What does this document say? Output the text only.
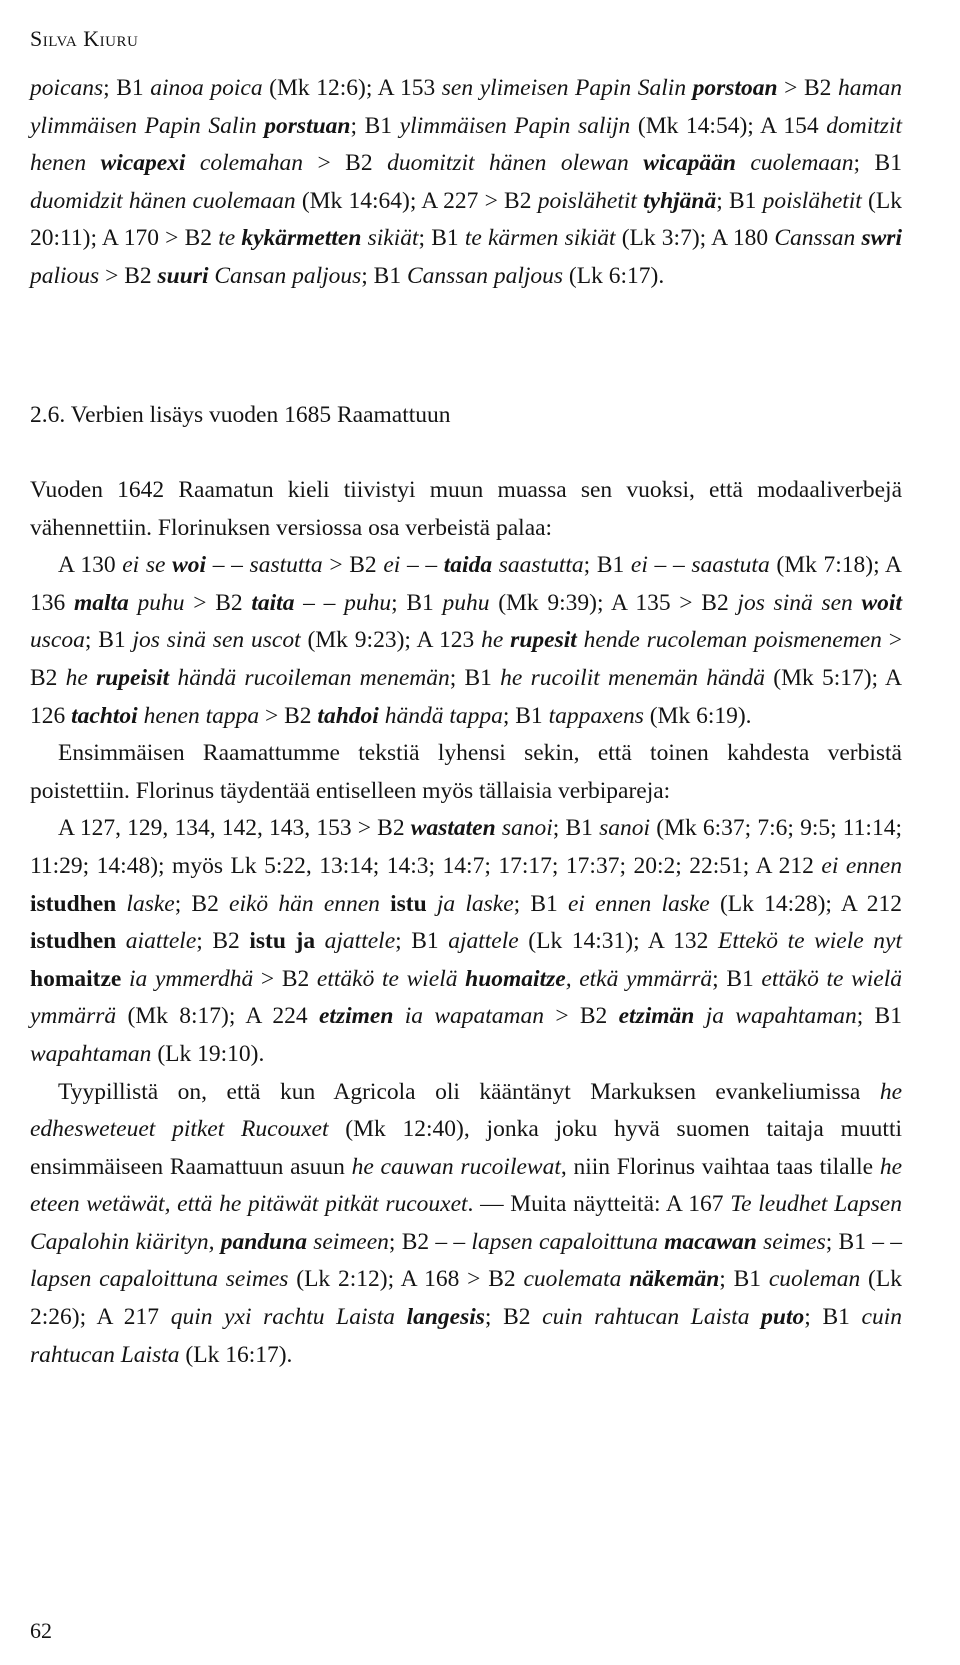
Silva Kiuru

poicans; B1 ainoa poica (Mk 12:6); A 153 sen ylimeisen Papin Salin porstoan > B2 haman ylimmäisen Papin Salin porstuan; B1 ylimmäisen Papin salijn (Mk 14:54); A 154 domitzit henen wicapexi colemahan > B2 duomitzit hänen olewan wicapään cuolemaan; B1 duomidzit hänen cuolemaan (Mk 14:64); A 227 > B2 poislähetit tyhjänä; B1 poislähetit (Lk 20:11); A 170 > B2 te kykärmetten sikiät; B1 te kärmen sikiät (Lk 3:7); A 180 Canssan swri palious > B2 suuri Cansan paljous; B1 Canssan paljous (Lk 6:17).

2.6. Verbien lisäys vuoden 1685 Raamattuun

Vuoden 1642 Raamatun kieli tiivistyi muun muassa sen vuoksi, että modaaliverbejä vähennettiin. Florinuksen versiossa osa verbeistä palaa:

A 130 ei se woi – – sastutta > B2 ei – – taida saastutta; B1 ei – – saastuta (Mk 7:18); A 136 malta puhu > B2 taita – – puhu; B1 puhu (Mk 9:39); A 135 > B2 jos sinä sen woit uscoa; B1 jos sinä sen uscot (Mk 9:23); A 123 he rupesit hende rucoleman poismenemen > B2 he rupeisit händä rucoileman menemän; B1 he rucoilit menemän händä (Mk 5:17); A 126 tachtoi henen tappa > B2 tahdoi händä tappa; B1 tappaxens (Mk 6:19).

Ensimmäisen Raamattumme tekstiä lyhensi sekin, että toinen kahdesta verbistä poistettiin. Florinus täydentää entiselleen myös tällaisia verbipareja:

A 127, 129, 134, 142, 143, 153 > B2 wastaten sanoi; B1 sanoi (Mk 6:37; 7:6; 9:5; 11:14; 11:29; 14:48); myös Lk 5:22, 13:14; 14:3; 14:7; 17:17; 17:37; 20:2; 22:51; A 212 ei ennen istudhen laske; B2 eikö hän ennen istu ja laske; B1 ei ennen laske (Lk 14:28); A 212 istudhen aiattele; B2 istu ja ajattele; B1 ajattele (Lk 14:31); A 132 Ettekö te wiele nyt homaitze ia ymmerdhä > B2 ettäkö te wielä huomaitze, etkä ymmärrä; B1 ettäkö te wielä ymmärrä (Mk 8:17); A 224 etzimen ia wapataman > B2 etzimän ja wapahtaman; B1 wapahtaman (Lk 19:10).

Tyypillistä on, että kun Agricola oli kääntänyt Markuksen evankeliumissa he edhesweteuet pitket Rucouxet (Mk 12:40), jonka joku hyvä suomen taitaja muutti ensimmäiseen Raamattuun asuun he cauwan rucoilewat, niin Florinus vaihtaa taas tilalle he eteen wetäwät, että he pitäwät pitkät rucouxet. — Muita näytteitä: A 167 Te leudhet Lapsen Capalohin kiärityn, panduna seimeen; B2 – – lapsen capaloittuna macawan seimes; B1 – – lapsen capaloittuna seimes (Lk 2:12); A 168 > B2 cuolemata näkemän; B1 cuoleman (Lk 2:26); A 217 quin yxi rachtu Laista langesis; B2 cuin rahtucan Laista puto; B1 cuin rahtucan Laista (Lk 16:17).

62
